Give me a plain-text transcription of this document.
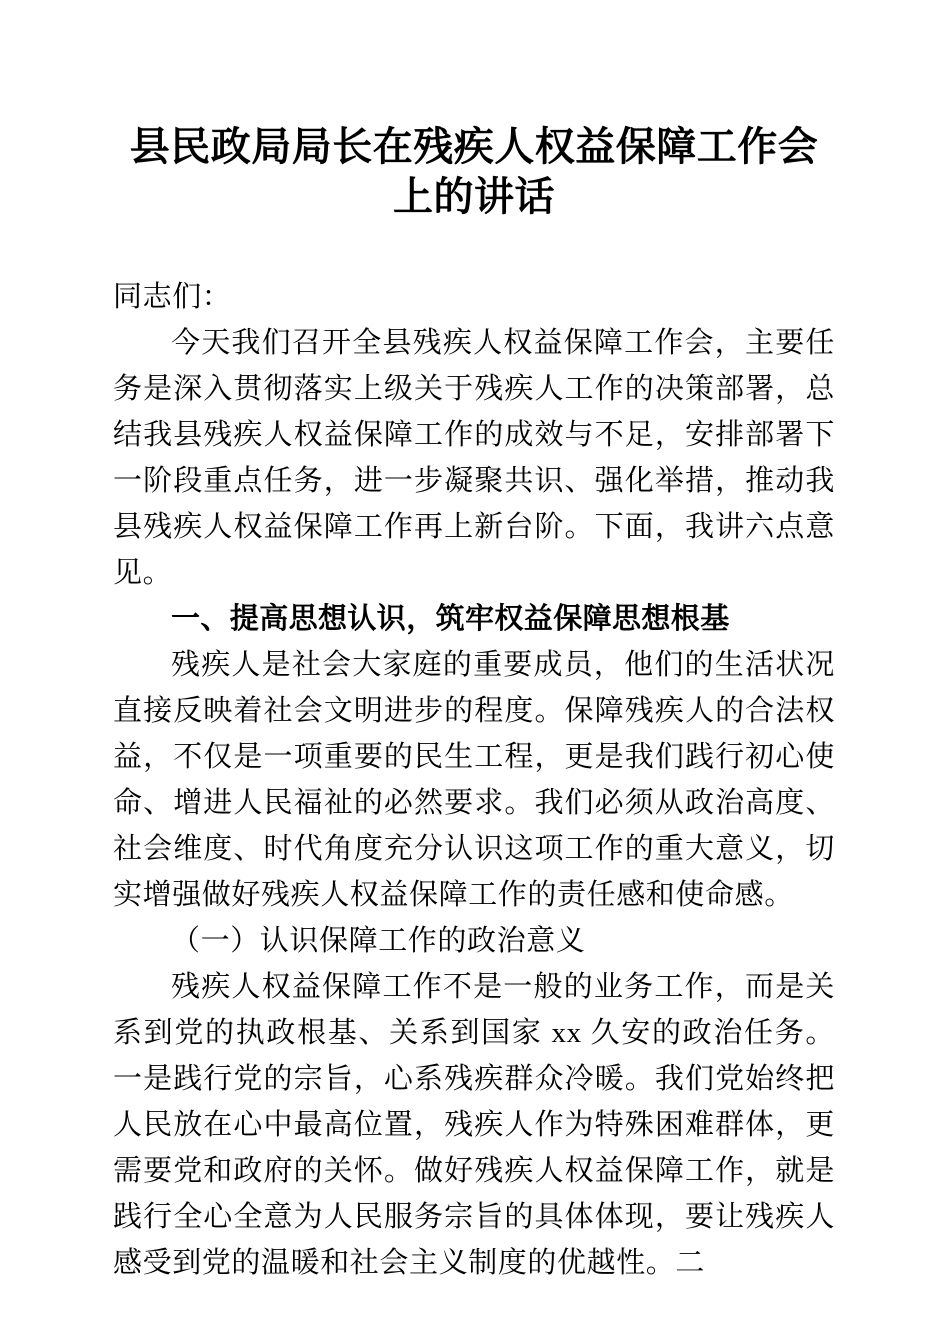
县民政局局长在残疾人权益保障工作会上的讲话

同志们：

今天我们召开全县残疾人权益保障工作会，主要任务是深入贯彻落实上级关于残疾人工作的决策部署，总结我县残疾人权益保障工作的成效与不足，安排部署下一阶段重点任务，进一步凝聚共识、强化举措，推动我县残疾人权益保障工作再上新台阶。下面，我讲六点意见。

一、提高思想认识，筑牢权益保障思想根基

残疾人是社会大家庭的重要成员，他们的生活状况直接反映着社会文明进步的程度。保障残疾人的合法权益，不仅是一项重要的民生工程，更是我们践行初心使命、增进人民福祉的必然要求。我们必须从政治高度、社会维度、时代角度充分认识这项工作的重大意义，切实增强做好残疾人权益保障工作的责任感和使命感。

（一）认识保障工作的政治意义

残疾人权益保障工作不是一般的业务工作，而是关系到党的执政根基、关系到国家 xx 久安的政治任务。一是践行党的宗旨，心系残疾群众冷暖。我们党始终把人民放在心中最高位置，残疾人作为特殊困难群体，更需要党和政府的关怀。做好残疾人权益保障工作，就是践行全心全意为人民服务宗旨的具体体现，要让残疾人感受到党的温暖和社会主义制度的优越性。二
